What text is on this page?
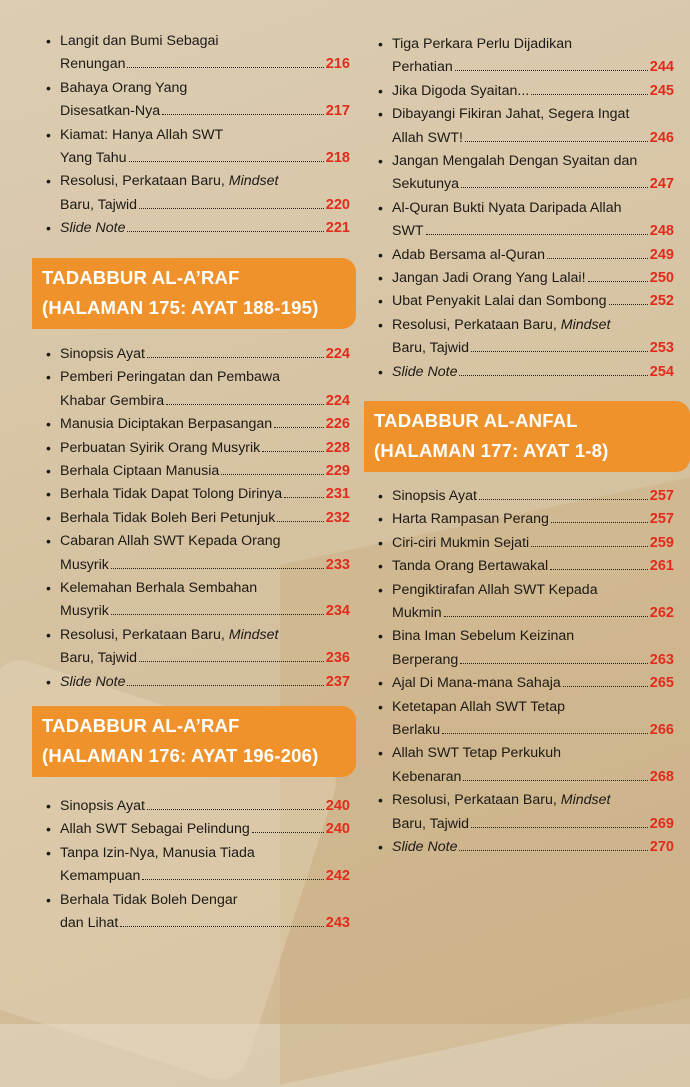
• Langit dan Bumi Sebagai
Renungan	216
• Bahaya Orang Yang
Disesatkan-Nya	217
• Kiamat: Hanya Allah SWT
Yang Tahu	218
• Resolusi, Perkataan Baru, Mindset
Baru, Tajwid	220
• Slide Note	221
TADABBUR AL-A’RAF
(HALAMAN 175: AYAT 188-195)
• Sinopsis Ayat	224
• Pemberi Peringatan dan Pembawa
Khabar Gembira	224
• Manusia Diciptakan Berpasangan	226
• Perbuatan Syirik Orang Musyrik	228
• Berhala Ciptaan Manusia	229
• Berhala Tidak Dapat Tolong Dirinya	231
• Berhala Tidak Boleh Beri Petunjuk	232
• Cabaran Allah SWT Kepada Orang
Musyrik	233
• Kelemahan Berhala Sembahan
Musyrik	234
• Resolusi, Perkataan Baru, Mindset
Baru, Tajwid	236
• Slide Note	237
TADABBUR AL-A’RAF
(HALAMAN 176: AYAT 196-206)
• Sinopsis Ayat	240
• Allah SWT Sebagai Pelindung	240
• Tanpa Izin-Nya, Manusia Tiada
Kemampuan	242
• Berhala Tidak Boleh Dengar
dan Lihat	243
• Tiga Perkara Perlu Dijadikan
Perhatian	244
• Jika Digoda Syaitan...	245
• Dibayangi Fikiran Jahat, Segera Ingat
Allah SWT!	246
• Jangan Mengalah Dengan Syaitan dan
Sekutunya	247
• Al-Quran Bukti Nyata Daripada Allah
SWT	248
• Adab Bersama al-Quran	249
• Jangan Jadi Orang Yang Lalai!	250
• Ubat Penyakit Lalai dan Sombong	252
• Resolusi, Perkataan Baru, Mindset
Baru, Tajwid	253
• Slide Note	254
TADABBUR AL-ANFAL
(HALAMAN 177: AYAT 1-8)
• Sinopsis Ayat	257
• Harta Rampasan Perang	257
• Ciri-ciri Mukmin Sejati	259
• Tanda Orang Bertawakal	261
• Pengiktirafan Allah SWT Kepada
Mukmin	262
• Bina Iman Sebelum Keizinan
Berperang	263
• Ajal Di Mana-mana Sahaja	265
• Ketetapan Allah SWT Tetap
Berlaku	266
• Allah SWT Tetap Perkukuh
Kebenaran	268
• Resolusi, Perkataan Baru, Mindset
Baru, Tajwid	269
• Slide Note	270
